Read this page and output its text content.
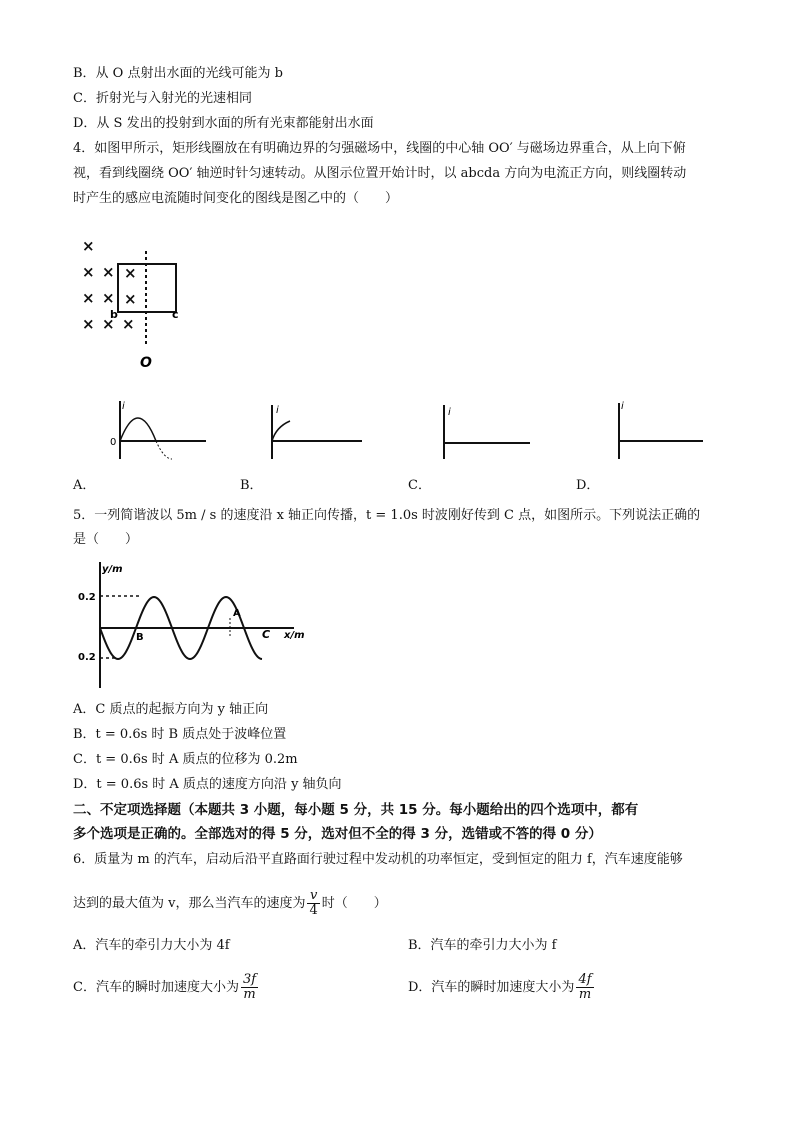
B．从 O 点射出水面的光线可能为 b
C．折射光与入射光的光速相同
D．从 S 发出的投射到水面的所有光束都能射出水面
4．如图甲所示，矩形线圈放在有明确边界的匀强磁场中，线圈的中心轴 OO′ 与磁场边界重合，从上向下俯
视，看到线圈绕 OO′ 轴逆时针匀速转动。从图示位置开始计时，以 abcda 方向为电流正方向，则线圈转动
时产生的感应电流随时间变化的图线是图乙中的（　　）
×
× ×
× ×
× × ×
×
×
b	c
O
i
0
i	i
i
A．	B．	C．	D．
5．一列简谐波以 5m / s 的速度沿 x 轴正向传播，t = 1.0s 时波刚好传到 C 点，如图所示。下列说法正确的
是（　　）
y/m
x/m
0.2
0.2
B
A
C
A．C 质点的起振方向为 y 轴正向
B．t = 0.6s 时 B 质点处于波峰位置
C．t = 0.6s 时 A 质点的位移为 0.2m
D．t = 0.6s 时 A 质点的速度方向沿 y 轴负向
二、不定项选择题（本题共 3 小题，每小题 5 分，共 15 分。每小题给出的四个选项中，都有
多个选项是正确的。全部选对的得 5 分，选对但不全的得 3 分，选错或不答的得 0 分）
6．质量为 m 的汽车，启动后沿平直路面行驶过程中发动机的功率恒定，受到恒定的阻力 f，汽车速度能够
达到的最大值为 v，那么当汽车的速度为 $\frac{v}{4}$ 时（　　）
A．汽车的牵引力大小为 4f	B．汽车的牵引力大小为 f
C．汽车的瞬时加速度大小为 $\frac{3f}{m}$	D．汽车的瞬时加速度大小为 $\frac{4f}{m}$
